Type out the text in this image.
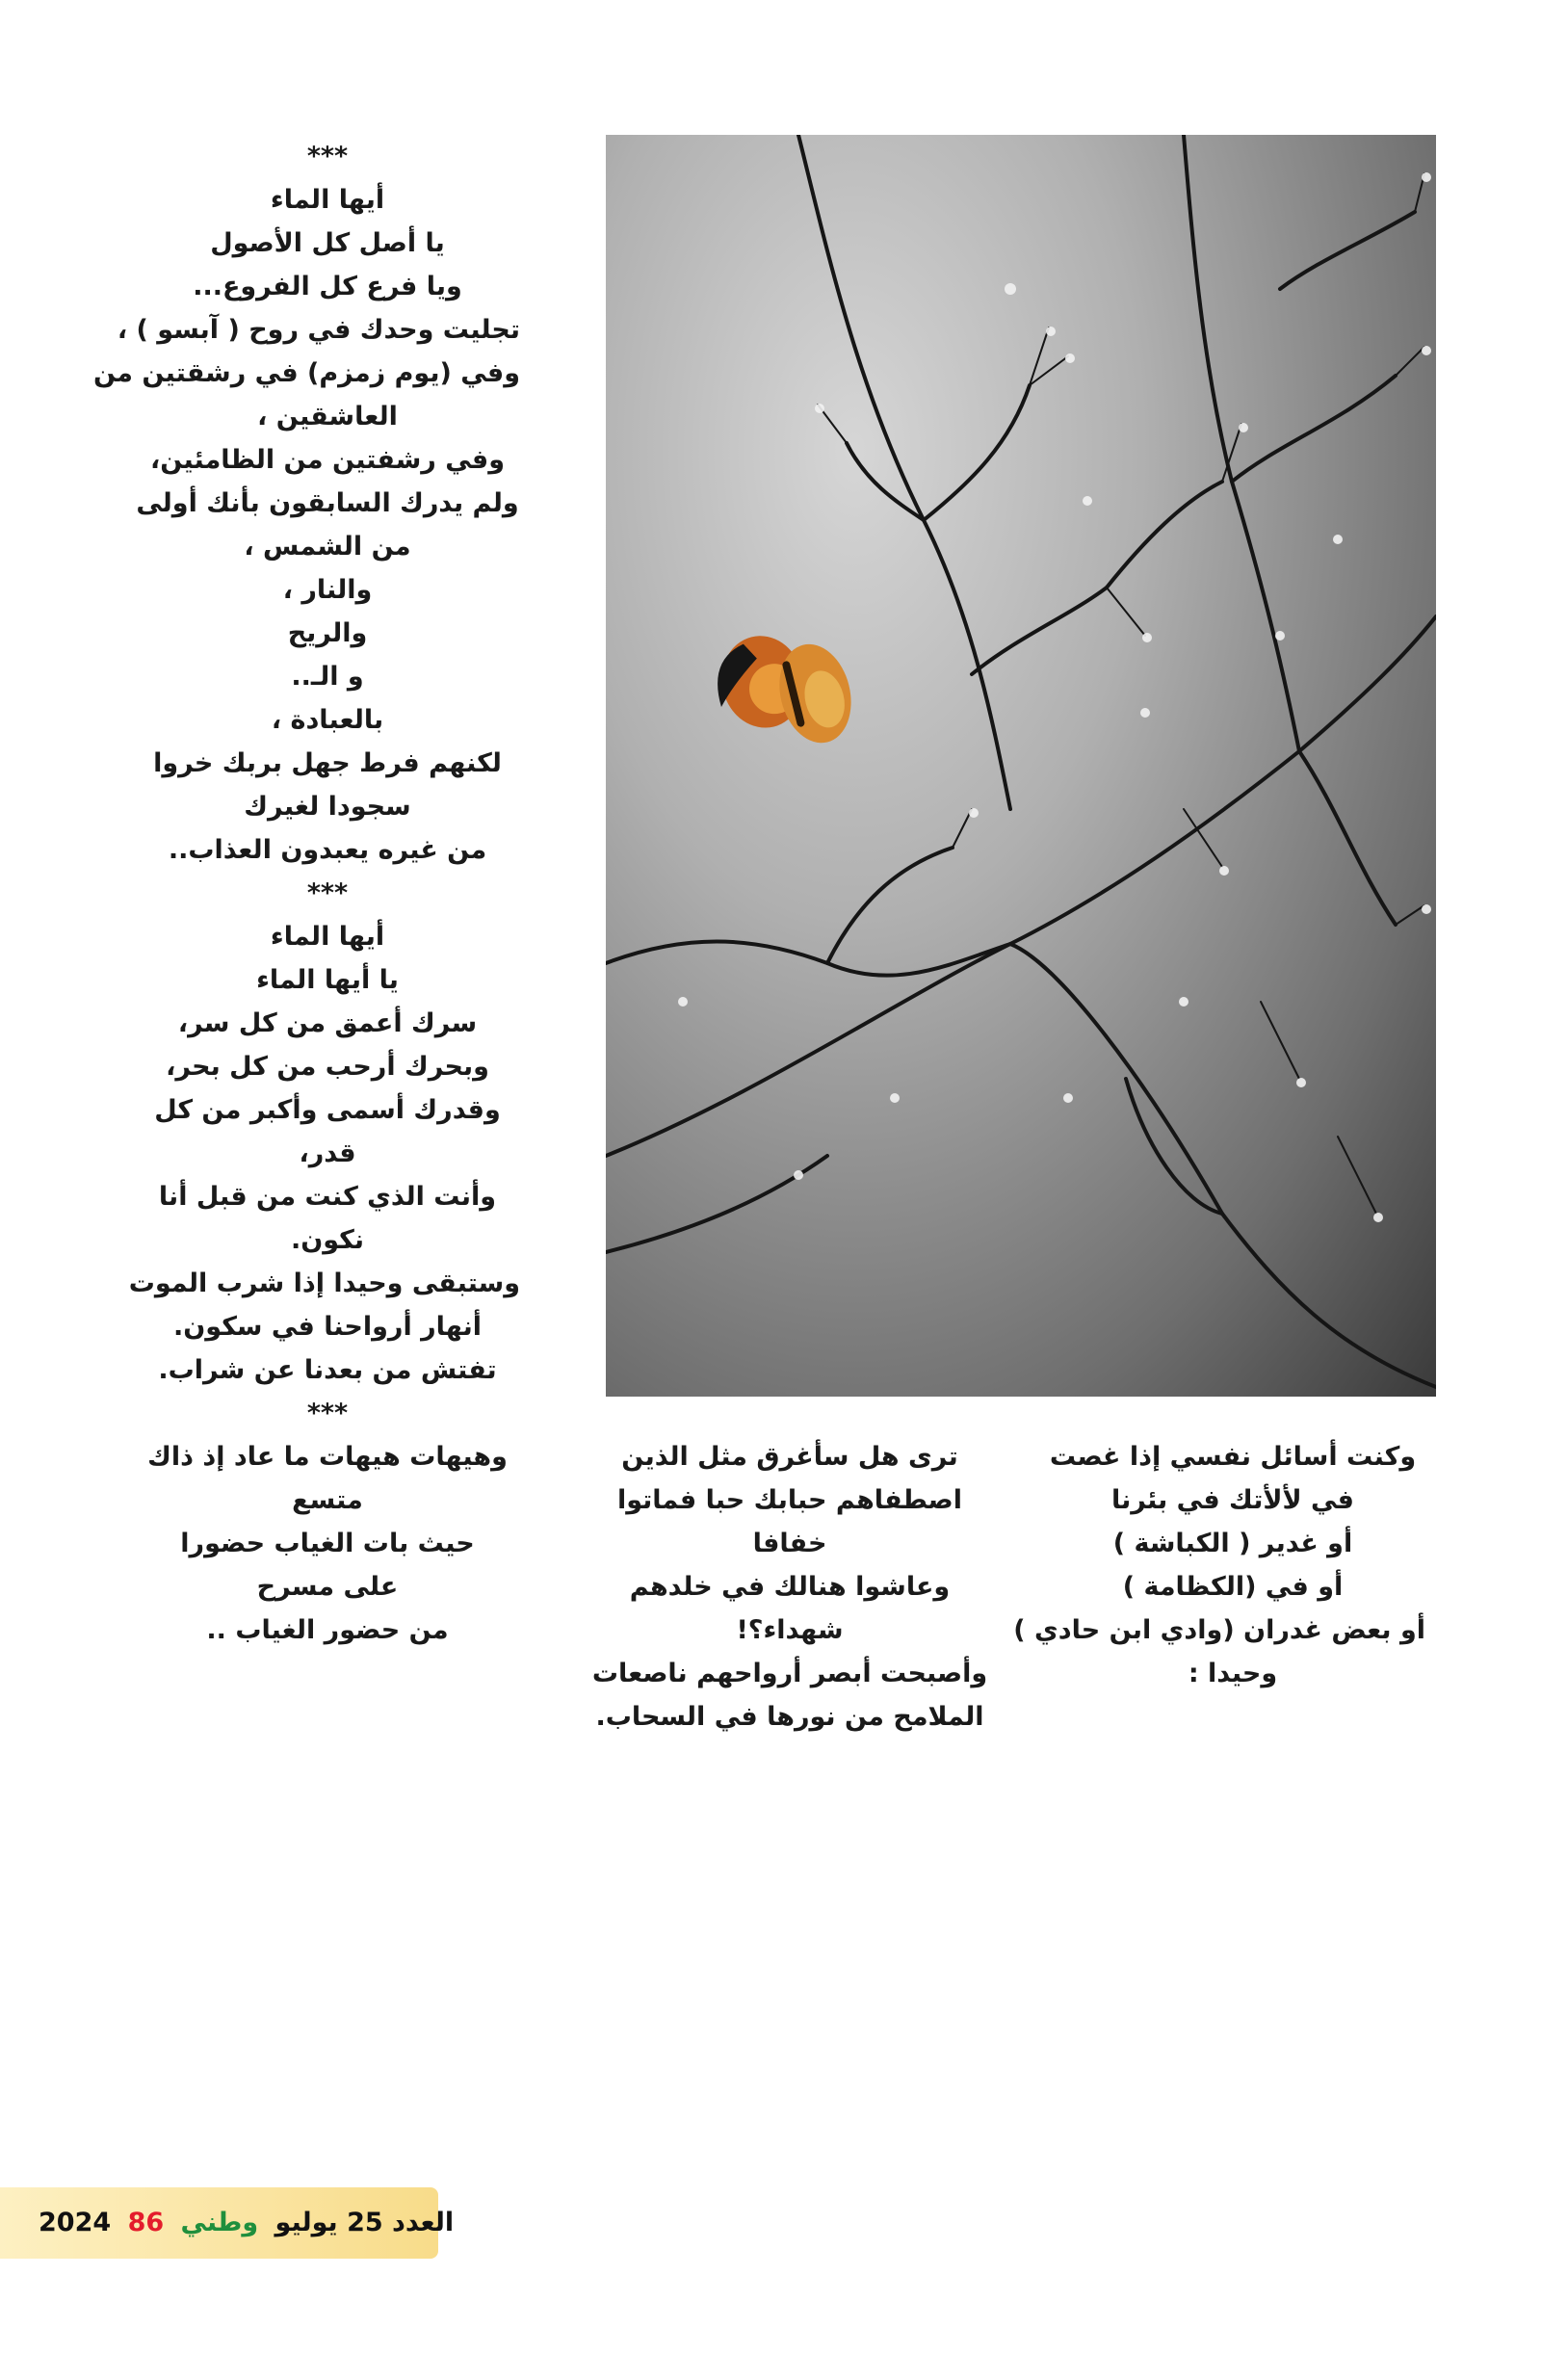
***
أيها الماء
يا أصل كل الأصول
ويا فرع كل الفروع...
تجليت وحدك في روح ( آبسو ) ،
وفي (يوم زمزم) في رشقتين من
العاشقين ،
وفي رشفتين من الظامئين،
ولم يدرك السابقون بأنك أولى
من الشمس ،
والنار ،
والريح
و الـ..
بالعبادة ،
لكنهم فرط جهل بربك خروا
سجودا لغيرك
من غيره يعبدون العذاب..
***
أيها الماء
يا أيها الماء
سرك أعمق من كل سر،
وبحرك أرحب من كل بحر،
وقدرك أسمى وأكبر من كل
قدر،
وأنت الذي كنت من قبل أنا
نكون.
وستبقى وحيدا إذا شرب الموت
أنهار أرواحنا في سكون.
تفتش من بعدنا عن شراب.
***
وهيهات هيهات ما عاد إذ ذاك
متسع
حيث بات الغياب حضورا
على مسرح
من حضور الغياب ..
ترى هل سأغرق مثل الذين
اصطفاهم حبابك حبا فماتوا
خفافا
وعاشوا هنالك في خلدهم
شهداء؟!
وأصبحت أبصر أرواحهم ناصعات
الملامح من نورها في السحاب.
وكنت أسائل نفسي إذا غصت
في لألأتك في بئرنا
أو غدير ( الكباشة )
أو في (الكظامة )
أو بعض غدران (وادي ابن حادي )
وحيدا :
2024	العدد 25 يوليو وطني 86
